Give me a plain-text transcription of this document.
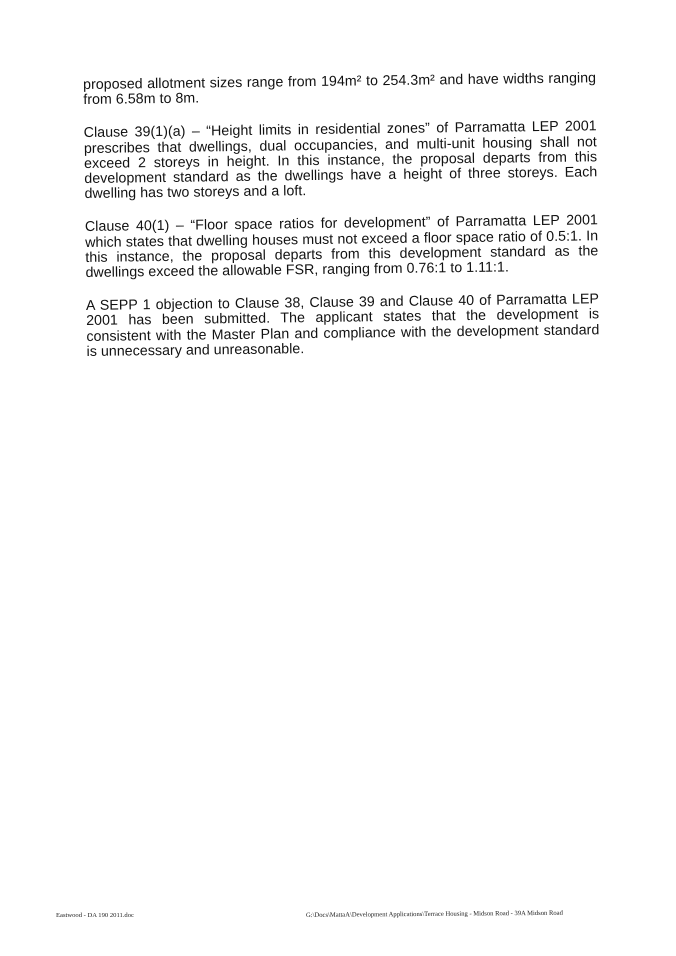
proposed allotment sizes range from 194m² to 254.3m² and have widths ranging from 6.58m to 8m.

Clause 39(1)(a) – “Height limits in residential zones” of Parramatta LEP 2001 prescribes that dwellings, dual occupancies, and multi-unit housing shall not exceed 2 storeys in height. In this instance, the proposal departs from this development standard as the dwellings have a height of three storeys. Each dwelling has two storeys and a loft.

Clause 40(1) – “Floor space ratios for development” of Parramatta LEP 2001 which states that dwelling houses must not exceed a floor space ratio of 0.5:1. In this instance, the proposal departs from this development standard as the dwellings exceed the allowable FSR, ranging from 0.76:1 to 1.11:1.

A SEPP 1 objection to Clause 38, Clause 39 and Clause 40 of Parramatta LEP 2001 has been submitted. The applicant states that the development is consistent with the Master Plan and compliance with the development standard is unnecessary and unreasonable.

Eastwood - DA 190 2011.doc	G:\Docs\MattaA\Development Applications\Terrace Housing - Midson Road - 39A Midson Road
